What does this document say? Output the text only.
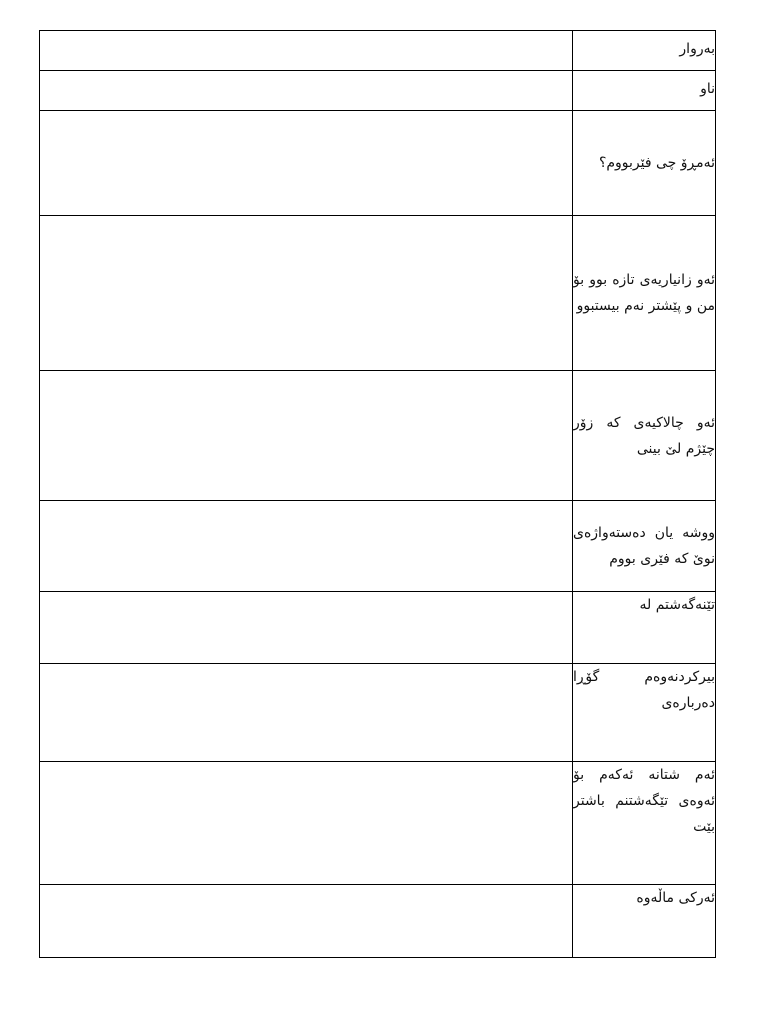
	بەروار
	ناو
	ئەمڕۆ چی فێربووم؟
	ئەو زانیاریەی تازە بوو بۆ من و پێشتر نەم بیستبوو
	ئەو چالاکیەی کە زۆر چێژم لێ بینی
	ووشە یان دەستەواژەی نوێ کە فێری بووم
	تێنەگەشتم لە
	بیرکردنەوەم گۆڕا دەربارەی
	ئەم شتانە ئەکەم بۆ ئەوەی تێگەشتنم باشتر بێت
	ئەرکی ماڵەوە
